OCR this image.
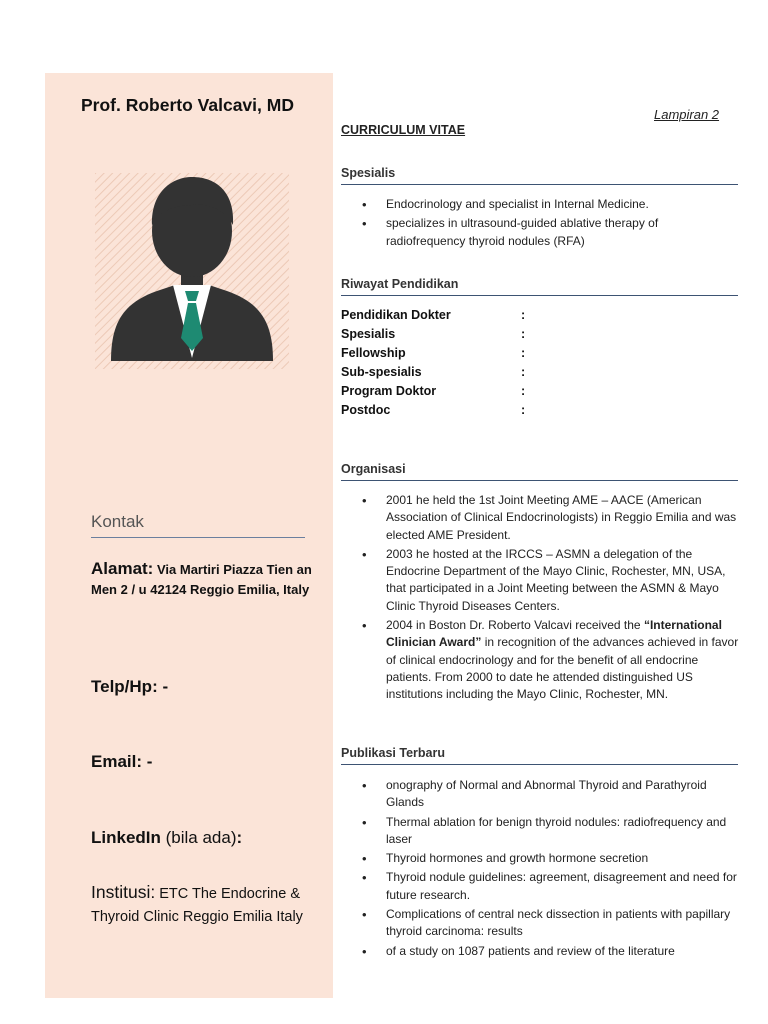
Prof. Roberto Valcavi, MD
Kontak
Alamat: Via Martiri Piazza Tien an Men 2 / u 42124 Reggio Emilia, Italy
Telp/Hp: -
Email: -
LinkedIn (bila ada):
Institusi: ETC The Endocrine & Thyroid Clinic Reggio Emilia Italy
Lampiran 2
CURRICULUM VITAE
Spesialis
• Endocrinology and specialist in Internal Medicine.
• specializes in ultrasound-guided ablative therapy of radiofrequency thyroid nodules (RFA)
Riwayat Pendidikan
Pendidikan Dokter	:
Spesialis	:
Fellowship	:
Sub-spesialis	:
Program Doktor	:
Postdoc	:
Organisasi
• 2001 he held the 1st Joint Meeting AME – AACE (American Association of Clinical Endocrinologists) in Reggio Emilia and was elected AME President.
• 2003 he hosted at the IRCCS – ASMN a delegation of the Endocrine Department of the Mayo Clinic, Rochester, MN, USA, that participated in a Joint Meeting between the ASMN & Mayo Clinic Thyroid Diseases Centers.
• 2004 in Boston Dr. Roberto Valcavi received the “International Clinician Award” in recognition of the advances achieved in favor of clinical endocrinology and for the benefit of all endocrine patients. From 2000 to date he attended distinguished US institutions including the Mayo Clinic, Rochester, MN.
Publikasi Terbaru
• onography of Normal and Abnormal Thyroid and Parathyroid Glands
• Thermal ablation for benign thyroid nodules: radiofrequency and laser
• Thyroid hormones and growth hormone secretion
• Thyroid nodule guidelines: agreement, disagreement and need for future research.
• Complications of central neck dissection in patients with papillary thyroid carcinoma: results
• of a study on 1087 patients and review of the literature
